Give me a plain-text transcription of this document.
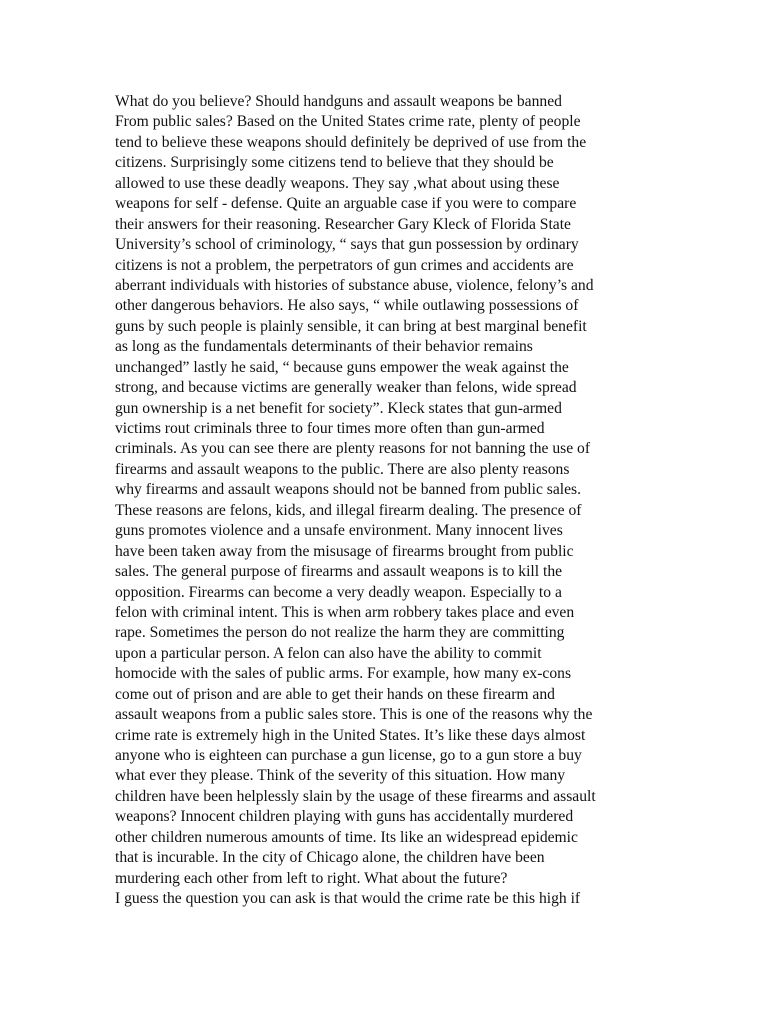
What do you believe? Should handguns and assault weapons be banned
From public sales? Based on the United States crime rate, plenty of people
tend to believe these weapons should definitely be deprived of use from the
citizens. Surprisingly some citizens tend to believe that they should be
allowed to use these deadly weapons. They say ,what about using these
weapons for self - defense. Quite an arguable case if you were to compare
their answers for their reasoning. Researcher Gary Kleck of Florida State
University’s school of criminology, “ says that gun possession by ordinary
citizens is not a problem, the perpetrators of gun crimes and accidents are
aberrant individuals with histories of substance abuse, violence, felony’s and
other dangerous behaviors. He also says, “ while outlawing possessions of
guns by such people is plainly sensible, it can bring at best marginal benefit
as long as the fundamentals determinants of their behavior remains
unchanged” lastly he said, “ because guns empower the weak against the
strong, and because victims are generally weaker than felons, wide spread
gun ownership is a net benefit for society”. Kleck states that gun-armed
victims rout criminals three to four times more often than gun-armed
criminals. As you can see there are plenty reasons for not banning the use of
firearms and assault weapons to the public. There are also plenty reasons
why firearms and assault weapons should not be banned from public sales.
These reasons are felons, kids, and illegal firearm dealing. The presence of
guns promotes violence and a unsafe environment. Many innocent lives
have been taken away from the misusage of firearms brought from public
sales. The general purpose of firearms and assault weapons is to kill the
opposition. Firearms can become a very deadly weapon. Especially to a
felon with criminal intent. This is when arm robbery takes place and even
rape. Sometimes the person do not realize the harm they are committing
upon a particular person. A felon can also have the ability to commit
homocide with the sales of public arms. For example, how many ex-cons
come out of prison and are able to get their hands on these firearm and
assault weapons from a public sales store. This is one of the reasons why the
crime rate is extremely high in the United States. It’s like these days almost
anyone who is eighteen can purchase a gun license, go to a gun store a buy
what ever they please. Think of the severity of this situation. How many
children have been helplessly slain by the usage of these firearms and assault
weapons? Innocent children playing with guns has accidentally murdered
other children numerous amounts of time. Its like an widespread epidemic
that is incurable. In the city of Chicago alone, the children have been
murdering each other from left to right. What about the future?
I guess the question you can ask is that would the crime rate be this high if
